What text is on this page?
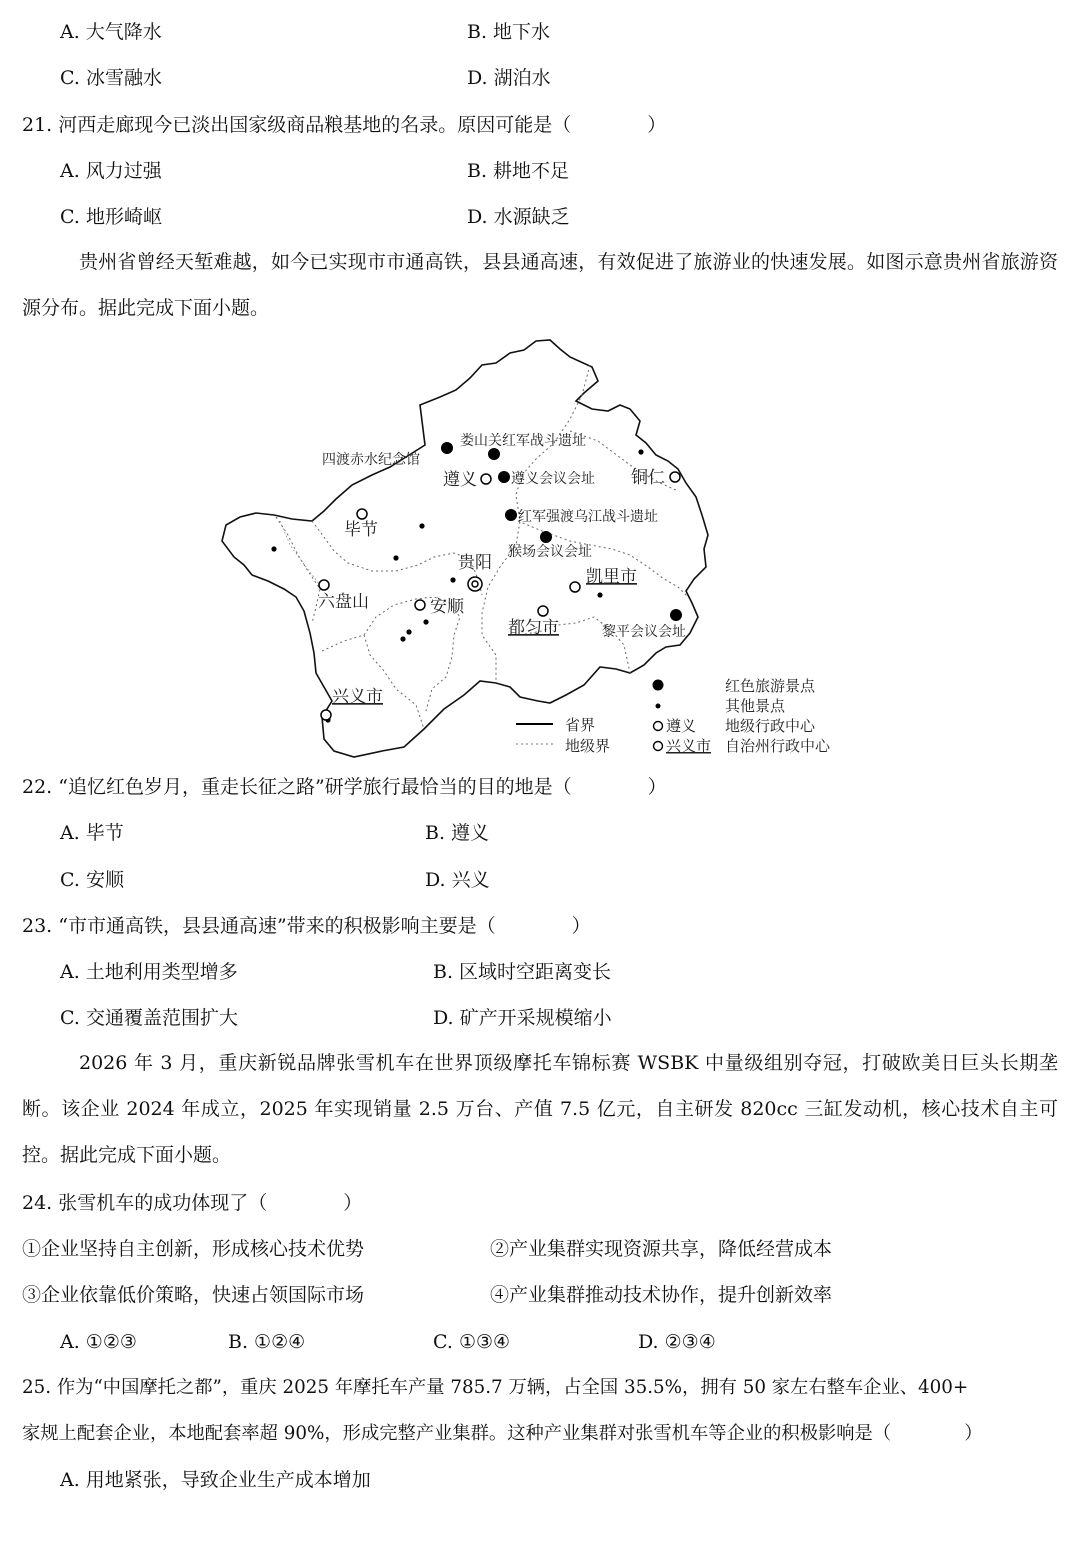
A. 大气降水	B. 地下水
C. 冰雪融水	D. 湖泊水
21. 河西走廊现今已淡出国家级商品粮基地的名录。原因可能是（　　　　）
A. 风力过强	B. 耕地不足
C. 地形崎岖	D. 水源缺乏
贵州省曾经天堑难越，如今已实现市市通高铁，县县通高速，有效促进了旅游业的快速发展。如图示意贵州省旅游资源分布。据此完成下面小题。
娄山关红军战斗遗址
四渡赤水纪念馆
遵义 遵义会议会址 铜仁
红军强渡乌江战斗遗址
毕节
猴场会议会址
贵阳
凯里市
六盘山	安顺
都匀市	黎平会议会址
兴义市
红色旅游景点
其他景点
省界
地级界
遵义 地级行政中心
兴义市 自治州行政中心
22. “追忆红色岁月，重走长征之路”研学旅行最恰当的目的地是（　　　　）
A. 毕节	B. 遵义
C. 安顺	D. 兴义
23. “市市通高铁，县县通高速”带来的积极影响主要是（　　　　）
A. 土地利用类型增多	B. 区域时空距离变长
C. 交通覆盖范围扩大	D. 矿产开采规模缩小
2026 年 3 月，重庆新锐品牌张雪机车在世界顶级摩托车锦标赛 WSBK 中量级组别夺冠，打破欧美日巨头长期垄断。该企业 2024 年成立，2025 年实现销量 2.5 万台、产值 7.5 亿元，自主研发 820cc 三缸发动机，核心技术自主可控。据此完成下面小题。
24. 张雪机车的成功体现了（　　　　）
①企业坚持自主创新，形成核心技术优势	②产业集群实现资源共享，降低经营成本
③企业依靠低价策略，快速占领国际市场	④产业集群推动技术协作，提升创新效率
A. ①②③	B. ①②④	C. ①③④	D. ②③④
25. 作为“中国摩托之都”，重庆 2025 年摩托车产量 785.7 万辆，占全国 35.5%，拥有 50 家左右整车企业、400+
家规上配套企业，本地配套率超 90%，形成完整产业集群。这种产业集群对张雪机车等企业的积极影响是（　　　　）
A. 用地紧张，导致企业生产成本增加
